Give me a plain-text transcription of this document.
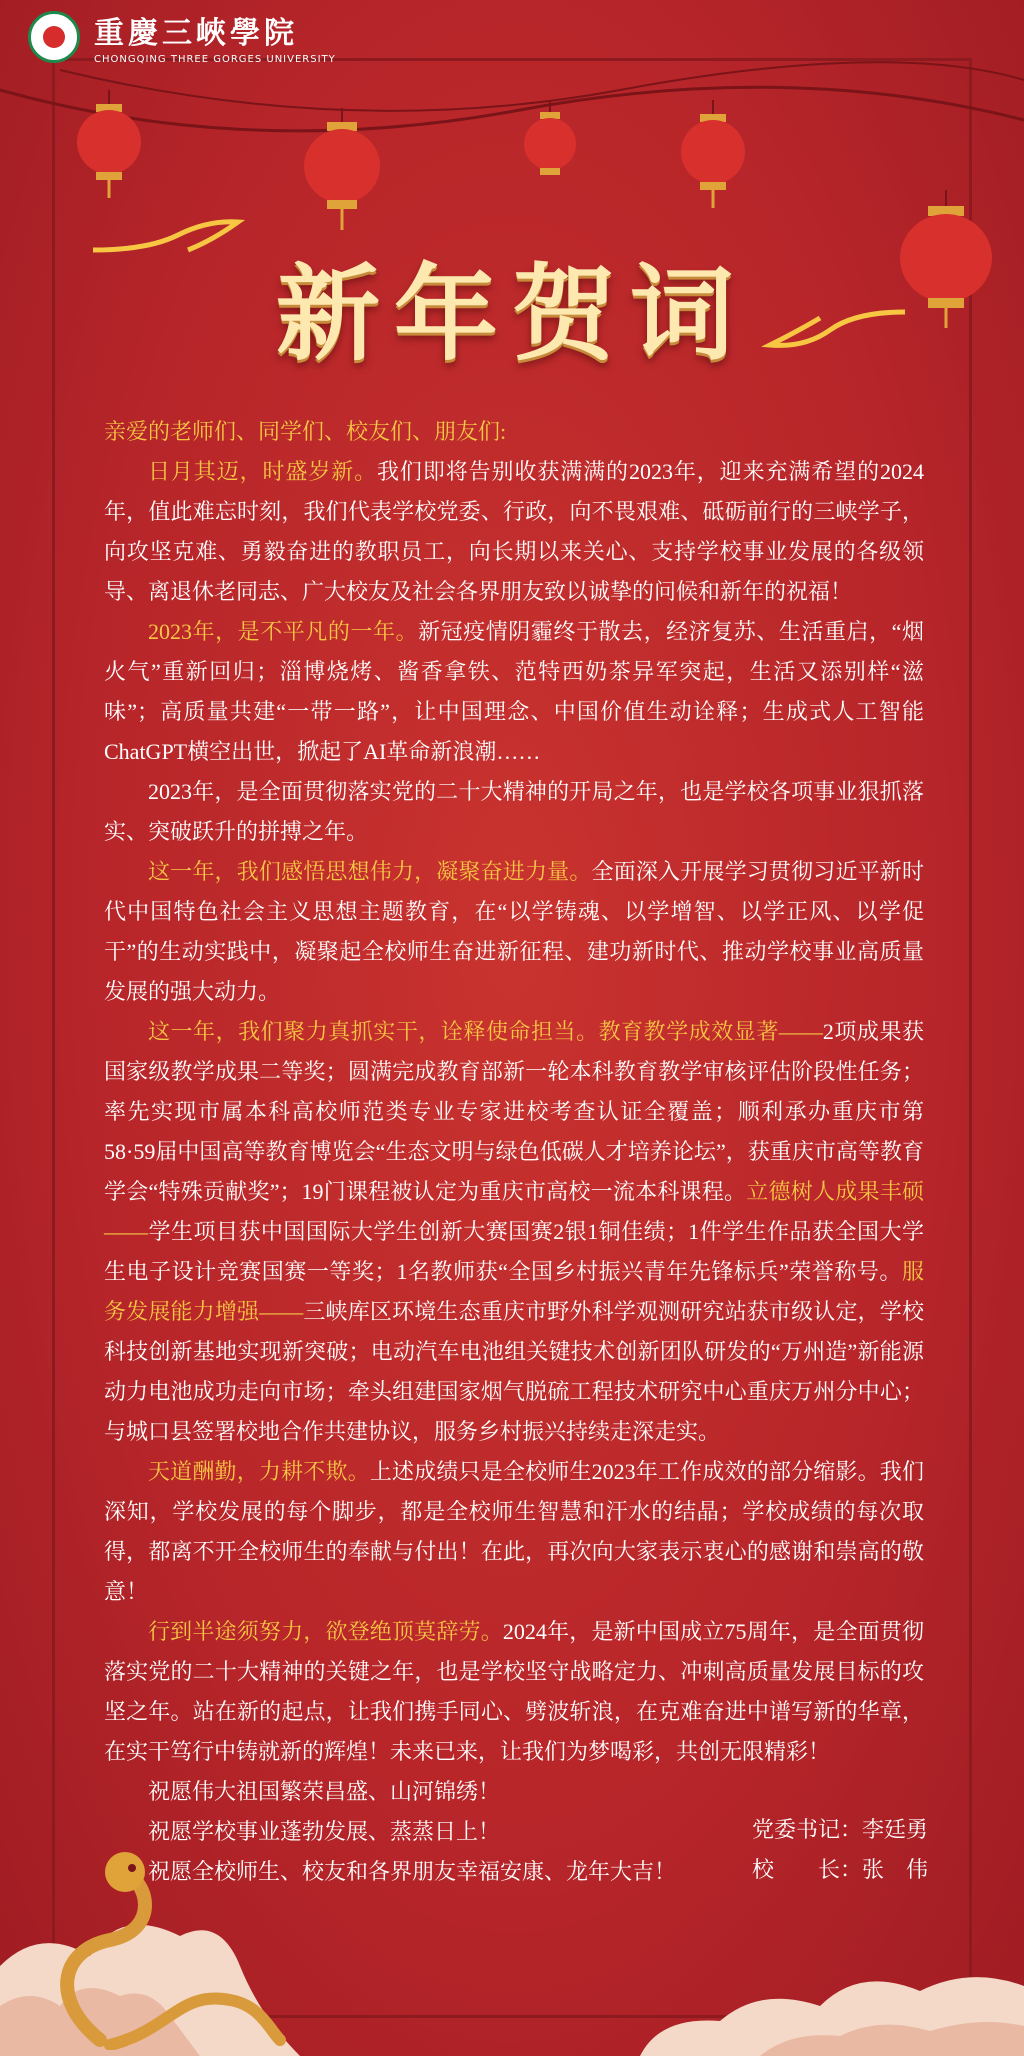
重慶三峽學院
CHONGQING THREE GORGES UNIVERSITY
新年贺词

亲爱的老师们、同学们、校友们、朋友们:

日月其迈，时盛岁新。我们即将告别收获满满的2023年，迎来充满希望的2024年，值此难忘时刻，我们代表学校党委、行政，向不畏艰难、砥砺前行的三峡学子，向攻坚克难、勇毅奋进的教职员工，向长期以来关心、支持学校事业发展的各级领导、离退休老同志、广大校友及社会各界朋友致以诚挚的问候和新年的祝福！

2023年，是不平凡的一年。新冠疫情阴霾终于散去，经济复苏、生活重启，“烟火气”重新回归；淄博烧烤、酱香拿铁、范特西奶茶异军突起，生活又添别样“滋味”；高质量共建“一带一路”，让中国理念、中国价值生动诠释；生成式人工智能ChatGPT横空出世，掀起了AI革命新浪潮……

2023年，是全面贯彻落实党的二十大精神的开局之年，也是学校各项事业狠抓落实、突破跃升的拼搏之年。

这一年，我们感悟思想伟力，凝聚奋进力量。全面深入开展学习贯彻习近平新时代中国特色社会主义思想主题教育，在“以学铸魂、以学增智、以学正风、以学促干”的生动实践中，凝聚起全校师生奋进新征程、建功新时代、推动学校事业高质量发展的强大动力。

这一年，我们聚力真抓实干，诠释使命担当。教育教学成效显著——2项成果获国家级教学成果二等奖；圆满完成教育部新一轮本科教育教学审核评估阶段性任务；率先实现市属本科高校师范类专业专家进校考查认证全覆盖；顺利承办重庆市第58·59届中国高等教育博览会“生态文明与绿色低碳人才培养论坛”，获重庆市高等教育学会“特殊贡献奖”；19门课程被认定为重庆市高校一流本科课程。立德树人成果丰硕——学生项目获中国国际大学生创新大赛国赛2银1铜佳绩；1件学生作品获全国大学生电子设计竞赛国赛一等奖；1名教师获“全国乡村振兴青年先锋标兵”荣誉称号。服务发展能力增强——三峡库区环境生态重庆市野外科学观测研究站获市级认定，学校科技创新基地实现新突破；电动汽车电池组关键技术创新团队研发的“万州造”新能源动力电池成功走向市场；牵头组建国家烟气脱硫工程技术研究中心重庆万州分中心；与城口县签署校地合作共建协议，服务乡村振兴持续走深走实。

天道酬勤，力耕不欺。上述成绩只是全校师生2023年工作成效的部分缩影。我们深知，学校发展的每个脚步，都是全校师生智慧和汗水的结晶；学校成绩的每次取得，都离不开全校师生的奉献与付出！在此，再次向大家表示衷心的感谢和崇高的敬意！

行到半途须努力，欲登绝顶莫辞劳。2024年，是新中国成立75周年，是全面贯彻落实党的二十大精神的关键之年，也是学校坚守战略定力、冲刺高质量发展目标的攻坚之年。站在新的起点，让我们携手同心、劈波斩浪，在克难奋进中谱写新的华章，在实干笃行中铸就新的辉煌！未来已来，让我们为梦喝彩，共创无限精彩！

祝愿伟大祖国繁荣昌盛、山河锦绣！

祝愿学校事业蓬勃发展、蒸蒸日上！

祝愿全校师生、校友和各界朋友幸福安康、龙年大吉！

党委书记：李廷勇
校　　长：张　伟
